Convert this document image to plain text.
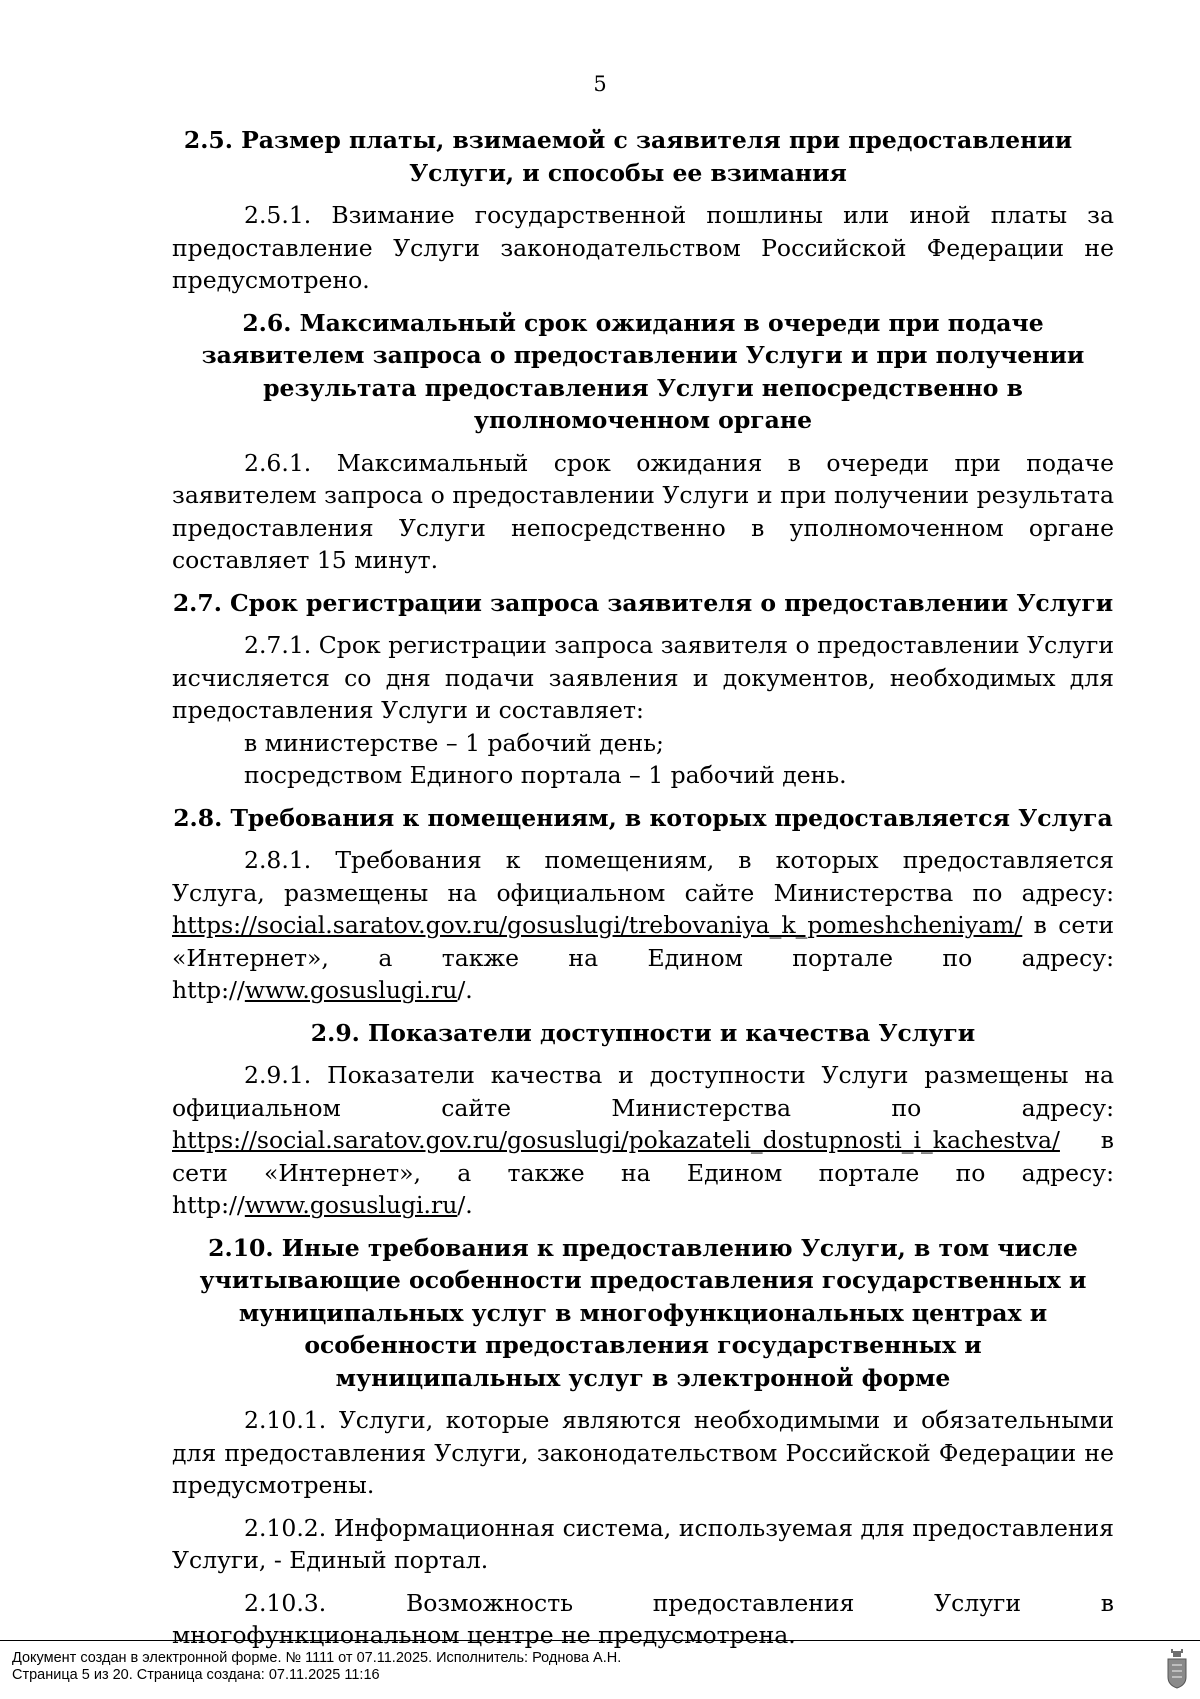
5
2.5. Размер платы, взимаемой с заявителя при предоставлении Услуги, и способы ее взимания

2.5.1. Взимание государственной пошлины или иной платы за предоставление Услуги законодательством Российской Федерации не предусмотрено.

2.6. Максимальный срок ожидания в очереди при подаче заявителем запроса о предоставлении Услуги и при получении результата предоставления Услуги непосредственно в уполномоченном органе

2.6.1. Максимальный срок ожидания в очереди при подаче заявителем запроса о предоставлении Услуги и при получении результата предоставления Услуги непосредственно в уполномоченном органе составляет 15 минут.

2.7. Срок регистрации запроса заявителя о предоставлении Услуги

2.7.1. Срок регистрации запроса заявителя о предоставлении Услуги исчисляется со дня подачи заявления и документов, необходимых для предоставления Услуги и составляет:

в министерстве – 1 рабочий день;

посредством Единого портала – 1 рабочий день.

2.8. Требования к помещениям, в которых предоставляется Услуга

2.8.1. Требования к помещениям, в которых предоставляется Услуга, размещены на официальном сайте Министерства по адресу: https://social.saratov.gov.ru/gosuslugi/trebovaniya_k_pomeshcheniyam/ в сети «Интернет», а также на Едином портале по адресу: http://www.gosuslugi.ru/.

2.9. Показатели доступности и качества Услуги

2.9.1. Показатели качества и доступности Услуги размещены на официальном сайте Министерства по адресу: https://social.saratov.gov.ru/gosuslugi/pokazateli_dostupnosti_i_kachestva/ в сети «Интернет», а также на Едином портале по адресу: http://www.gosuslugi.ru/.

2.10. Иные требования к предоставлению Услуги, в том числе учитывающие особенности предоставления государственных и муниципальных услуг в многофункциональных центрах и особенности предоставления государственных и муниципальных услуг в электронной форме

2.10.1. Услуги, которые являются необходимыми и обязательными для предоставления Услуги, законодательством Российской Федерации не предусмотрены.

2.10.2. Информационная система, используемая для предоставления Услуги, - Единый портал.

2.10.3. Возможность предоставления Услуги в многофункциональном центре не предусмотрена.

Документ создан в электронной форме. № 1111 от 07.11.2025. Исполнитель: Роднова А.Н.
Страница 5 из 20. Страница создана: 07.11.2025 11:16
